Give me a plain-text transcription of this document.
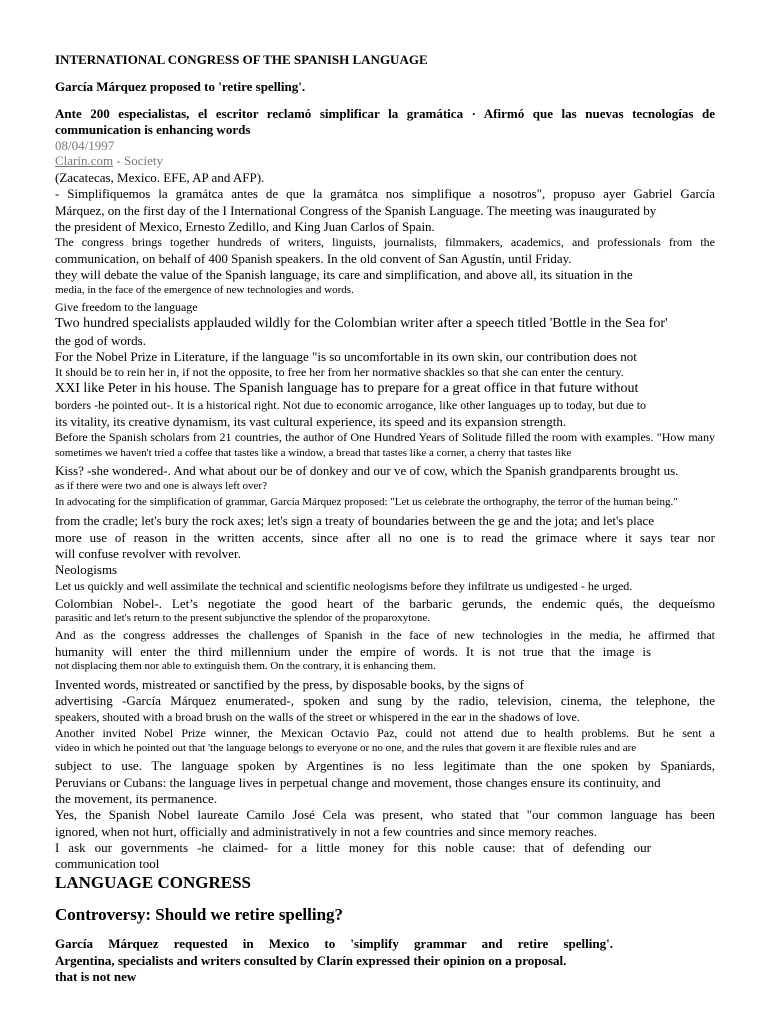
INTERNATIONAL CONGRESS OF THE SPANISH LANGUAGE
García Márquez proposed to 'retire spelling'.
Ante 200 especialistas, el escritor reclamó simplificar la gramática · Afirmó que las nuevas tecnologías de
communication is enhancing words
08/04/1997
Clarín.com - Society
(Zacatecas, Mexico. EFE, AP and AFP).
- Simplifiquemos la gramátca antes de que la gramátca nos simplifique a nosotros", propuso ayer Gabriel García
Márquez, on the first day of the I International Congress of the Spanish Language. The meeting was inaugurated by
the president of Mexico, Ernesto Zedillo, and King Juan Carlos of Spain.
The congress brings together hundreds of writers, linguists, journalists, filmmakers, academics, and professionals from the
communication, on behalf of 400 Spanish speakers. In the old convent of San Agustín, until Friday.
they will debate the value of the Spanish language, its care and simplification, and above all, its situation in the
media, in the face of the emergence of new technologies and words.
Give freedom to the language
Two hundred specialists applauded wildly for the Colombian writer after a speech titled 'Bottle in the Sea for'
the god of words.
For the Nobel Prize in Literature, if the language "is so uncomfortable in its own skin, our contribution does not
It should be to rein her in, if not the opposite, to free her from her normative shackles so that she can enter the century.
XXI like Peter in his house. The Spanish language has to prepare for a great office in that future without
borders -he pointed out-. It is a historical right. Not due to economic arrogance, like other languages up to today, but due to
its vitality, its creative dynamism, its vast cultural experience, its speed and its expansion strength.
Before the Spanish scholars from 21 countries, the author of One Hundred Years of Solitude filled the room with examples. "How many
sometimes we haven't tried a coffee that tastes like a window, a bread that tastes like a corner, a cherry that tastes like
Kiss? -she wondered-. And what about our be of donkey and our ve of cow, which the Spanish grandparents brought us.
as if there were two and one is always left over?
In advocating for the simplification of grammar, García Márquez proposed: "Let us celebrate the orthography, the terror of the human being."
from the cradle; let's bury the rock axes; let's sign a treaty of boundaries between the ge and the jota; and let's place
more use of reason in the written accents, since after all no one is to read the grimace where it says tear nor
will confuse revolver with revolver.
Neologisms
Let us quickly and well assimilate the technical and scientific neologisms before they infiltrate us undigested - he urged.
Colombian Nobel-. Let’s negotiate the good heart of the barbaric gerunds, the endemic qués, the dequeísmo
parasitic and let's return to the present subjunctive the splendor of the proparoxytone.
And as the congress addresses the challenges of Spanish in the face of new technologies in the media, he affirmed that
humanity will enter the third millennium under the empire of words. It is not true that the image is
not displacing them nor able to extinguish them. On the contrary, it is enhancing them.
Invented words, mistreated or sanctified by the press, by disposable books, by the signs of
advertising -García Márquez enumerated-, spoken and sung by the radio, television, cinema, the telephone, the
speakers, shouted with a broad brush on the walls of the street or whispered in the ear in the shadows of love.
Another invited Nobel Prize winner, the Mexican Octavio Paz, could not attend due to health problems. But he sent a
video in which he pointed out that 'the language belongs to everyone or no one, and the rules that govern it are flexible rules and are
subject to use. The language spoken by Argentines is no less legitimate than the one spoken by Spaniards,
Peruvians or Cubans: the language lives in perpetual change and movement, those changes ensure its continuity, and
the movement, its permanence.
Yes, the Spanish Nobel laureate Camilo José Cela was present, who stated that "our common language has been
ignored, when not hurt, officially and administratively in not a few countries and since memory reaches.
I ask our governments -he claimed- for a little money for this noble cause: that of defending our
communication tool
LANGUAGE CONGRESS
Controversy: Should we retire spelling?
García Márquez requested in Mexico to 'simplify grammar and retire spelling'.
Argentina, specialists and writers consulted by Clarín expressed their opinion on a proposal.
that is not new
